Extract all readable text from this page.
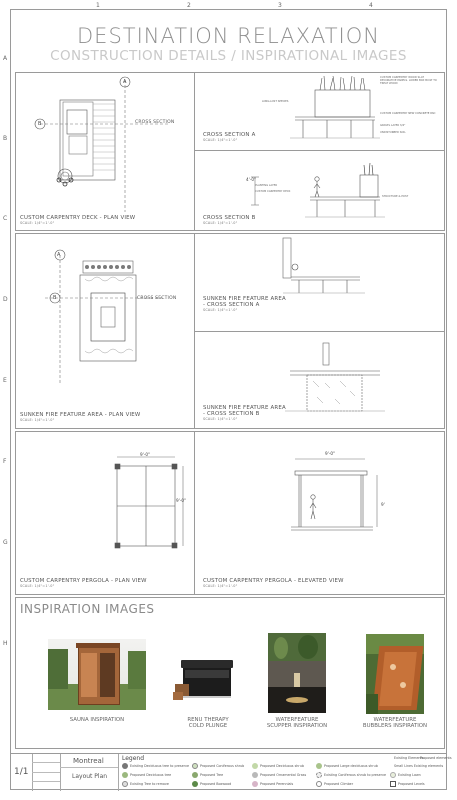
1	2	3	4
A
B
C
D
E
F
G
H
DESTINATION RELAXATION
CONSTRUCTION DETAILS / INSPIRATIONAL IMAGES
A
B	CROSS SECTION
CUSTOM CARPENTRY DECK - PLAN VIEW
SCALE: 1/4"=1'-0"
CUSTOM CARPENTRY WOOD SLAT DECORATIVE PANELS. LOWER BOX BUILT TO TREAT WOOD
LONG-LOST SPECIES
CUSTOM CARPENTRY NEW CONCRETE PAD
GRAVEL LAYER 3/4"
UNDISTURBED SOIL
CROSS SECTION A
SCALE: 1/4"=1'-0"
4'-0"
PLANTING LAYER
CUSTOM CARPENTRY DECK
STRUCTURE & POST
CROSS SECTION B
SCALE: 1/4"=1'-0"
A
B	CROSS SECTION
SUNKEN FIRE FEATURE AREA - PLAN VIEW
SCALE: 1/4"=1'-0"
SUNKEN FIRE FEATURE AREA
- CROSS SECTION A
SCALE: 1/4"=1'-0"
SUNKEN FIRE FEATURE AREA
- CROSS SECTION B
SCALE: 1/4"=1'-0"
9'-0"
9'-0"
CUSTOM CARPENTRY PERGOLA - PLAN VIEW
SCALE: 1/4"=1'-0"
9'-0"
9'
CUSTOM CARPENTRY PERGOLA - ELEVATED VIEW
SCALE: 1/4"=1'-0"
INSPIRATION IMAGES
SAUNA INSPIRATION	RENU THERAPY
COLD PLUNGE
WATERFEATURE
SCUPPER INSPIRATION
WATERFEATURE
BUBBLERS INSPIRATION
1/1
Montreal
Layout Plan
Legend
Existing Deciduous tree to preserve
Proposed Deciduous tree
Existing Tree to remove
Proposed Coniferous shrub
Proposed Tree
Proposed Boxwood
Proposed Deciduous shrub
Proposed Ornamental Grass
Proposed Perennials
Proposed Large deciduous shrub
Existing Coniferous shrub to preserve
Proposed Climber
Existing Lawn
Proposed Levels
Existing Elements
Proposed elements
Small Lines Existing elements
